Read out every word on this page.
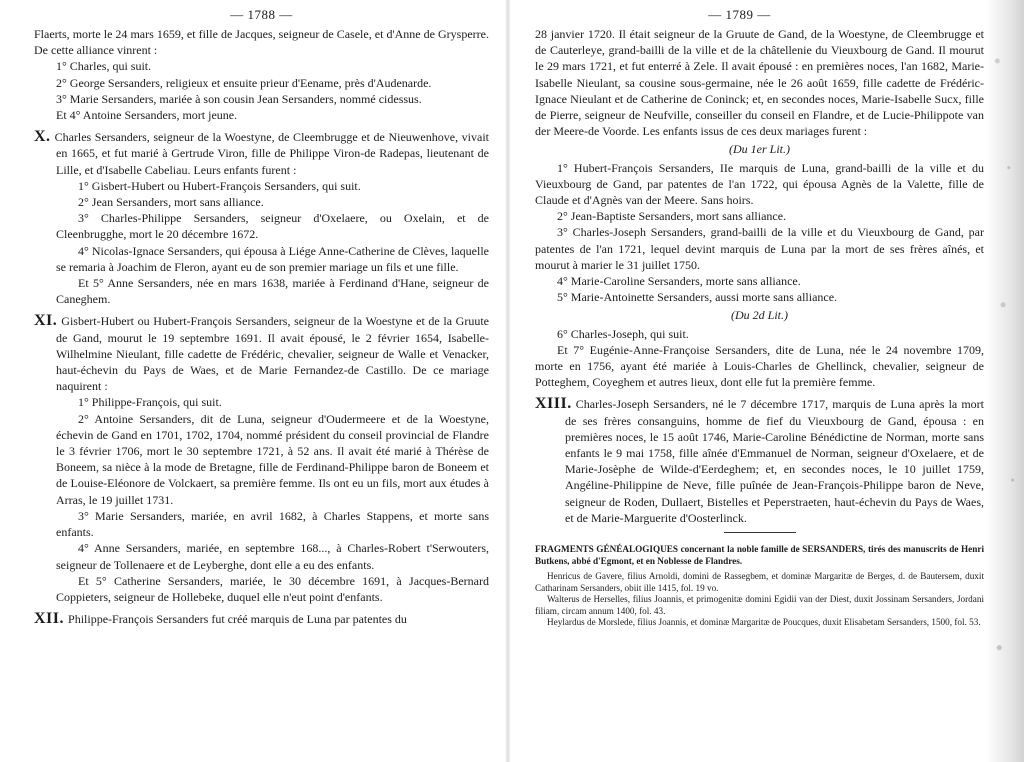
— 1788 —

Flaerts, morte le 24 mars 1659, et fille de Jacques, seigneur de Casele, et d'Anne de Grysperre. De cette alliance vinrent :

1° Charles, qui suit.

2° George Sersanders, religieux et ensuite prieur d'Eename, près d'Audenarde.

3° Marie Sersanders, mariée à son cousin Jean Sersanders, nommé cidessus.

Et 4° Antoine Sersanders, mort jeune.

X. Charles Sersanders, seigneur de la Woestyne, de Cleembrugge et de Nieuwenhove, vivait en 1665, et fut marié à Gertrude Viron, fille de Philippe Viron-de Radepas, lieutenant de Lille, et d'Isabelle Cabeliau. Leurs enfants furent :

1° Gisbert-Hubert ou Hubert-François Sersanders, qui suit.

2° Jean Sersanders, mort sans alliance.

3° Charles-Philippe Sersanders, seigneur d'Oxelaere, ou Oxelain, et de Cleenbrugghe, mort le 20 décembre 1672.

4° Nicolas-Ignace Sersanders, qui épousa à Liége Anne-Catherine de Clèves, laquelle se remaria à Joachim de Fleron, ayant eu de son premier mariage un fils et une fille.

Et 5° Anne Sersanders, née en mars 1638, mariée à Ferdinand d'Hane, seigneur de Caneghem.

XI. Gisbert-Hubert ou Hubert-François Sersanders, seigneur de la Woestyne et de la Gruute de Gand, mourut le 19 septembre 1691. Il avait épousé, le 2 février 1654, Isabelle-Wilhelmine Nieulant, fille cadette de Frédéric, chevalier, seigneur de Walle et Venacker, haut-échevin du Pays de Waes, et de Marie Fernandez-de Castillo. De ce mariage naquirent :

1° Philippe-François, qui suit.

2° Antoine Sersanders, dit de Luna, seigneur d'Oudermeere et de la Woestyne, échevin de Gand en 1701, 1702, 1704, nommé président du conseil provincial de Flandre le 3 février 1706, mort le 30 septembre 1721, à 52 ans. Il avait été marié à Thérèse de Boneem, sa nièce à la mode de Bretagne, fille de Ferdinand-Philippe baron de Boneem et de Louise-Eléonore de Volckaert, sa première femme. Ils ont eu un fils, mort aux études à Arras, le 19 juillet 1731.

3° Marie Sersanders, mariée, en avril 1682, à Charles Stappens, et morte sans enfants.

4° Anne Sersanders, mariée, en septembre 168..., à Charles-Robert t'Serwouters, seigneur de Tollenaere et de Leyberghe, dont elle a eu des enfants.

Et 5° Catherine Sersanders, mariée, le 30 décembre 1691, à Jacques-Bernard Coppieters, seigneur de Hollebeke, duquel elle n'eut point d'enfants.

XII. Philippe-François Sersanders fut créé marquis de Luna par patentes du

— 1789 —

28 janvier 1720. Il était seigneur de la Gruute de Gand, de la Woestyne, de Cleembrugge et de Cauterleye, grand-bailli de la ville et de la châtellenie du Vieuxbourg de Gand. Il mourut le 29 mars 1721, et fut enterré à Zele. Il avait épousé : en premières noces, l'an 1682, Marie-Isabelle Nieulant, sa cousine sous-germaine, née le 26 août 1659, fille cadette de Frédéric-Ignace Nieulant et de Catherine de Coninck; et, en secondes noces, Marie-Isabelle Sucx, fille de Pierre, seigneur de Neufville, conseiller du conseil en Flandre, et de Lucie-Philippote van der Meere-de Voorde. Les enfants issus de ces deux mariages furent :

(Du 1er Lit.)

1° Hubert-François Sersanders, IIe marquis de Luna, grand-bailli de la ville et du Vieuxbourg de Gand, par patentes de l'an 1722, qui épousa Agnès de la Valette, fille de Claude et d'Agnès van der Meere. Sans hoirs.

2° Jean-Baptiste Sersanders, mort sans alliance.

3° Charles-Joseph Sersanders, grand-bailli de la ville et du Vieuxbourg de Gand, par patentes de l'an 1721, lequel devint marquis de Luna par la mort de ses frères aînés, et mourut à marier le 31 juillet 1750.

4° Marie-Caroline Sersanders, morte sans alliance.

5° Marie-Antoinette Sersanders, aussi morte sans alliance.

(Du 2d Lit.)

6° Charles-Joseph, qui suit.

Et 7° Eugénie-Anne-Françoise Sersanders, dite de Luna, née le 24 novembre 1709, morte en 1756, ayant été mariée à Louis-Charles de Ghellinck, chevalier, seigneur de Potteghem, Coyeghem et autres lieux, dont elle fut la première femme.

XIII. Charles-Joseph Sersanders, né le 7 décembre 1717, marquis de Luna après la mort de ses frères consanguins, homme de fief du Vieuxbourg de Gand, épousa : en premières noces, le 15 août 1746, Marie-Caroline Bénédictine de Norman, morte sans enfants le 9 mai 1758, fille aînée d'Emmanuel de Norman, seigneur d'Oxelaere, et de Marie-Josèphe de Wilde-d'Eerdeghem; et, en secondes noces, le 10 juillet 1759, Angéline-Philippine de Neve, fille puînée de Jean-François-Philippe baron de Neve, seigneur de Roden, Dullaert, Bistelles et Peperstraeten, haut-échevin du Pays de Waes, et de Marie-Marguerite d'Oosterlinck.

FRAGMENTS GÉNÉALOGIQUES concernant la noble famille de SERSANDERS, tirés des manuscrits de Henri Butkens, abbé d'Egmont, et en Noblesse de Flandres.

Henricus de Gavere, filius Arnoldi, domini de Rassegbem, et dominæ Margaritæ de Berges, d. de Bautersem, duxit Catharinam Sersanders, obiit ille 1415, fol. 19 vo.

Walterus de Herselles, filius Joannis, et primogenitæ domini Egidii van der Diest, duxit Jossinam Sersanders, Jordani filiam, circam annum 1400, fol. 43.

Heylardus de Morslede, filius Joannis, et dominæ Margaritæ de Poucques, duxit Elisabetam Sersanders, 1500, fol. 53.
